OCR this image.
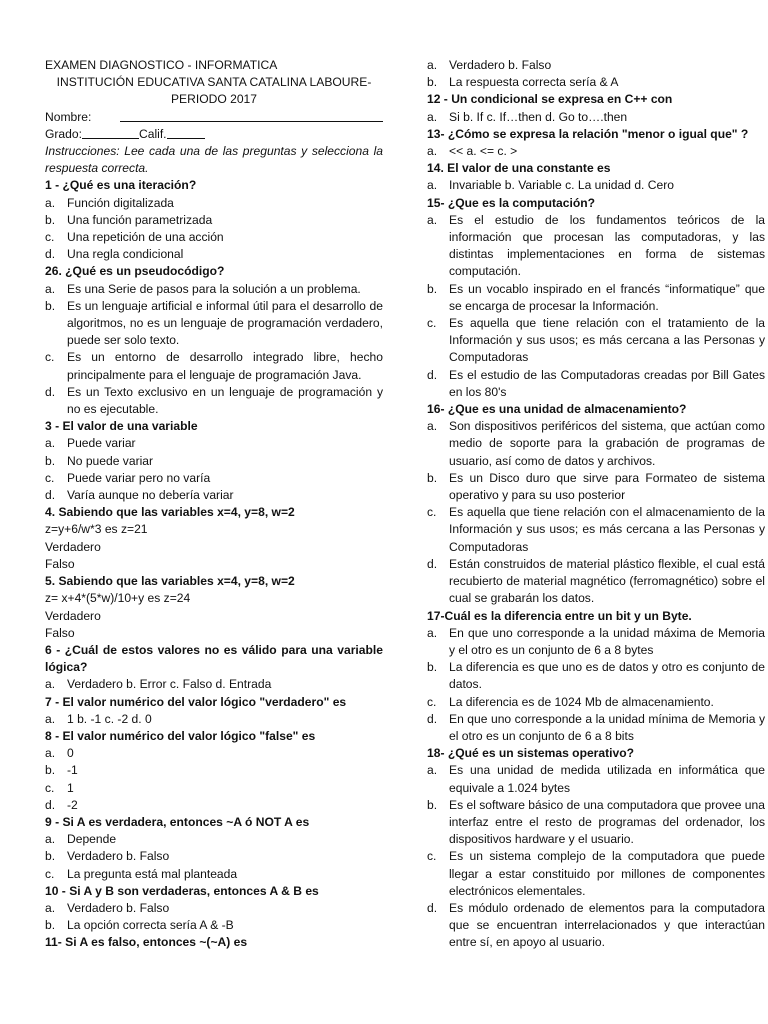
EXAMEN DIAGNOSTICO - INFORMATICA
INSTITUCIÓN EDUCATIVA SANTA CATALINA LABOURE-
PERIODO 2017
Nombre:
Grado:	Calif.
Instrucciones: Lee cada una de las preguntas y selecciona la respuesta correcta.
1 - ¿Qué es una iteración?
a. Función digitalizada
b. Una función parametrizada
c.	Una repetición de una acción
d. Una regla condicional
26. ¿Qué es un pseudocódigo?
a. Es una Serie de pasos para la solución a un problema.
b. Es un lenguaje artificial e informal útil para el desarrollo de algoritmos, no es un lenguaje de programación verdadero, puede ser solo texto.
c.	Es un entorno de desarrollo integrado libre, hecho principalmente para el lenguaje de programación Java.
d. Es un Texto exclusivo en un lenguaje de programación y no es ejecutable.
3 - El valor de una variable
a. Puede variar
b. No puede variar
c.	Puede variar pero no varía
d. Varía aunque no debería variar
4. Sabiendo que las variables x=4, y=8, w=2
z=y+6/w*3 es z=21
Verdadero
Falso
5. Sabiendo que las variables x=4, y=8, w=2
z= x+4*(5*w)/10+y es z=24
Verdadero
Falso
6 - ¿Cuál de estos valores no es válido para una variable lógica?
a. Verdadero b. Error c. Falso d. Entrada
7 - El valor numérico del valor lógico "verdadero" es
a. 1 b. -1 c. -2 d. 0
8 - El valor numérico del valor lógico "false" es
a. 0
b. -1
c.	1
d. -2
9 - Si A es verdadera, entonces ~A ó NOT A es
a. Depende
b. Verdadero b. Falso
c.	La pregunta está mal planteada
10 - Si A y B son verdaderas, entonces A & B es
a. Verdadero b. Falso
b. La opción correcta sería A & -B
11- Si A es falso, entonces ~(~A) es
a. Verdadero b. Falso
b. La respuesta correcta sería & A
12 - Un condicional se expresa en C++ con
a. Si b. If c. If…then d. Go to….then
13- ¿Cómo se expresa la relación "menor o igual que" ?
a. << a. <= c. >
14. El valor de una constante es
a. Invariable b. Variable c. La unidad d. Cero
15- ¿Que es la computación?
a. Es el estudio de los fundamentos teóricos de la información que procesan las computadoras, y las distintas implementaciones en forma de sistemas computación.
b. Es un vocablo inspirado en el francés “informatique” que se encarga de procesar la Información.
c.	Es aquella que tiene relación con el tratamiento de la Información y sus usos; es más cercana a las Personas y Computadoras
d. Es el estudio de las Computadoras creadas por Bill Gates en los 80's
16- ¿Que es una unidad de almacenamiento?
a. Son dispositivos periféricos del sistema, que actúan como medio de soporte para la grabación de programas de usuario, así como de datos y archivos.
b. Es un Disco duro que sirve para Formateo de sistema operativo y para su uso posterior
c.	Es aquella que tiene relación con el almacenamiento de la Información y sus usos; es más cercana a las Personas y Computadoras
d. Están construidos de material plástico flexible, el cual está recubierto de material magnético (ferromagnético) sobre el cual se grabarán los datos.
17-Cuál es la diferencia entre un bit y un Byte.
a. En que uno corresponde a la unidad máxima de Memoria y el otro es un conjunto de 6 a 8 bytes
b. La diferencia es que uno es de datos y otro es conjunto de datos.
c.	La diferencia es de 1024 Mb de almacenamiento.
d. En que uno corresponde a la unidad mínima de Memoria y el otro es un conjunto de 6 a 8 bits
18- ¿Qué es un sistemas operativo?
a. Es una unidad de medida utilizada en informática que equivale a 1.024 bytes
b. Es el software básico de una computadora que provee una interfaz entre el resto de programas del ordenador, los dispositivos hardware y el usuario.
c.	Es un sistema complejo de la computadora que puede llegar a estar constituido por millones de componentes electrónicos elementales.
d. Es módulo ordenado de elementos para la computadora que se encuentran interrelacionados y que interactúan entre sí, en apoyo al usuario.
